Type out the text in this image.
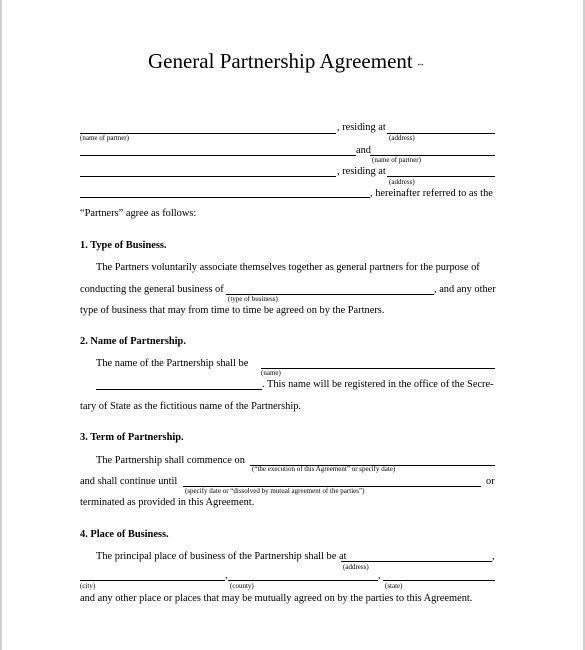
General Partnership Agreement ↔
, residing at
(name of partner)	(address)
and
(name of partner)
, residing at
(address)
, hereinafter referred to as the
“Partners” agree as follows:
1. Type of Business.
The Partners voluntarily associate themselves together as general partners for the purpose of
conducting the general business of	, and any other
(type of business)
type of business that may from time to time be agreed on by the Partners.
2. Name of Partnership.
The name of the Partnership shall be
(name)
. This name will be registered in the office of the Secre-
tary of State as the fictitious name of the Partnership.
3. Term of Partnership.
The Partnership shall commence on
(“the execution of this Agreement” or specify date)
and shall continue until
(specify date or “dissolved by mutual agreement of the parties”)
or
terminated as provided in this Agreement.
4. Place of Business.
The principal place of business of the Partnership shall be at	,
(address)
,	,
(city)	(county)	(state)
and any other place or places that may be mutually agreed on by the parties to this Agreement.
